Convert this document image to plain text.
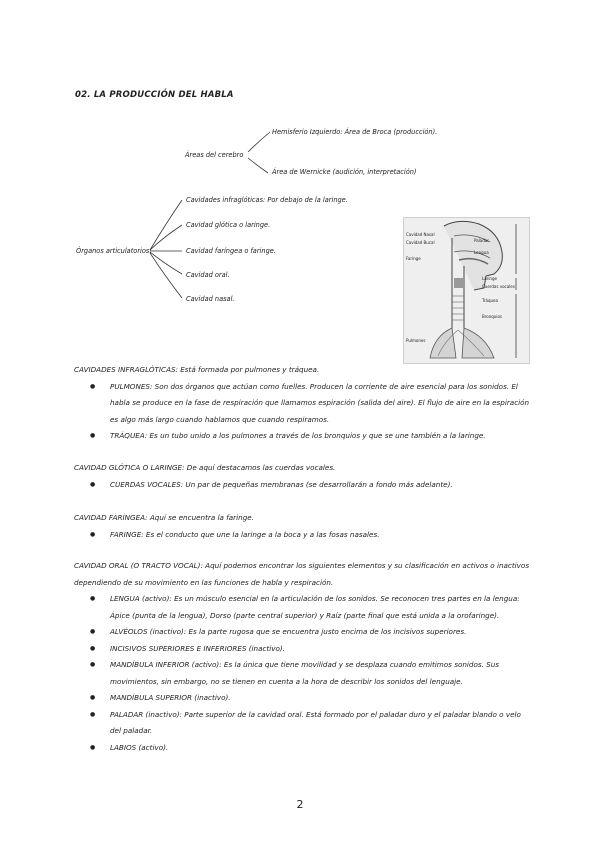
02. LA PRODUCCIÓN DEL HABLA
Áreas del cerebro
Hemisferio Izquierdo: Área de Broca (producción).
Área de Wernicke (audición, interpretación)
Órganos articulatorios:
Cavidades infraglóticas: Por debajo de la laringe.
Cavidad glótica o laringe.
Cavidad faríngea o faringe.
Cavidad oral.
Cavidad nasal.
Cavidad Nasal
Cavidad Bucal
Faringe
Laringe
Cuerdas vocales
Tráquea
Bronquios
Pulmones
Paladar
Lengua
CAVIDADES INFRAGLÓTICAS: Está formada por pulmones y tráquea.
● PULMONES: Son dos órganos que actúan como fuelles. Producen la corriente de aire esencial para los sonidos. El habla se produce en la fase de respiración que llamamos espiración (salida del aire). El flujo de aire en la espiración es algo más largo cuando hablamos que cuando respiramos.
● TRÁQUEA: Es un tubo unido a los pulmones a través de los bronquios y que se une también a la laringe.
CAVIDAD GLÓTICA O LARINGE: De aquí destacamos las cuerdas vocales.
● CUERDAS VOCALES: Un par de pequeñas membranas (se desarrollarán a fondo más adelante).
CAVIDAD FARÍNGEA: Aquí se encuentra la faringe.
● FARINGE: Es el conducto que une la laringe a la boca y a las fosas nasales.
CAVIDAD ORAL (O TRACTO VOCAL): Aquí podemos encontrar los siguientes elementos y su clasificación en activos o inactivos dependiendo de su movimiento en las funciones de habla y respiración.
● LENGUA (activo): Es un músculo esencial en la articulación de los sonidos. Se reconocen tres partes en la lengua: Ápice (punta de la lengua), Dorso (parte central superior) y Raíz (parte final que está unida a la orofaringe).
● ALVÉOLOS (inactivo): Es la parte rugosa que se encuentra justo encima de los incisivos superiores.
● INCISIVOS SUPERIORES E INFERIORES (inactivo).
● MANDÍBULA INFERIOR (activo): Es la única que tiene movilidad y se desplaza cuando emitimos sonidos. Sus movimientos, sin embargo, no se tienen en cuenta a la hora de describir los sonidos del lenguaje.
● MANDÍBULA SUPERIOR (inactivo).
● PALADAR (inactivo): Parte superior de la cavidad oral. Está formado por el paladar duro y el paladar blando o velo del paladar.
● LABIOS (activo).
2
